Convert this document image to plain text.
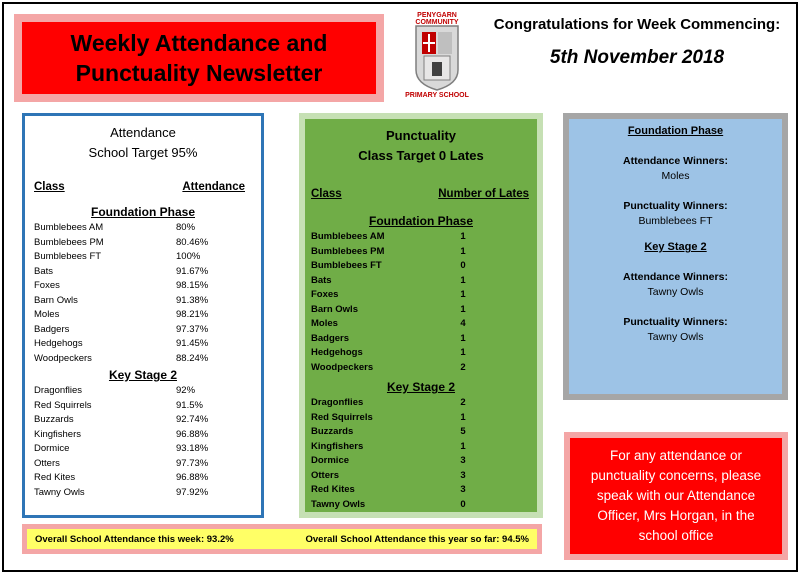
Weekly Attendance and
Punctuality Newsletter
PENYGARN COMMUNITY
PRIMARY SCHOOL
Congratulations for Week Commencing:
5th November 2018
Attendance
School Target 95%
Class	Attendance
Foundation Phase
Bumblebees AM	80%
Bumblebees PM	80.46%
Bumblebees FT	100%
Bats	91.67%
Foxes	98.15%
Barn Owls	91.38%
Moles	98.21%
Badgers	97.37%
Hedgehogs	91.45%
Woodpeckers	88.24%
Key Stage 2
Dragonflies	92%
Red Squirrels	91.5%
Buzzards	92.74%
Kingfishers	96.88%
Dormice	93.18%
Otters	97.73%
Red Kites	96.88%
Tawny Owls	97.92%
Punctuality
Class Target 0 Lates
Class	Number of Lates
Foundation Phase
Bumblebees AM	1
Bumblebees PM	1
Bumblebees FT	0
Bats	1
Foxes	1
Barn Owls	1
Moles	4
Badgers	1
Hedgehogs	1
Woodpeckers	2
Key Stage 2
Dragonflies	2
Red Squirrels	1
Buzzards	5
Kingfishers	1
Dormice	3
Otters	3
Red Kites	3
Tawny Owls	0
Foundation Phase
Attendance Winners:
Moles
Punctuality Winners:
Bumblebees FT
Key Stage 2
Attendance Winners:
Tawny Owls
Punctuality Winners:
Tawny Owls
For any attendance or punctuality concerns, please speak with our Attendance Officer, Mrs Horgan, in the school office
Overall School Attendance this week: 93.2%	Overall School Attendance this year so far: 94.5%
